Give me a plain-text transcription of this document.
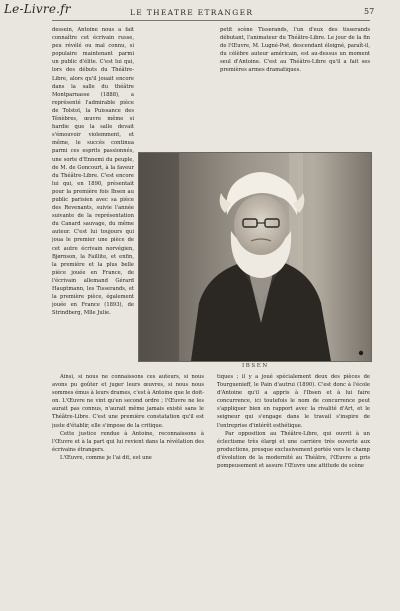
Le-Livre.fr	LE THEATRE ETRANGER	57

dessein, Antoine nous a fait connaître cet écrivain russe, peu révélé ou mal connu, si populaire maintenant parmi un public d'élite. C'est lui qui, lors des débuts du Théâtre-Libre, alors qu'il jouait encore dans la salle du théâtre Montparnasse (1888), a représenté l'admirable pièce de Tolstoï, la Puissance des Ténèbres, œuvre même si hardie que la salle devait s'émouvoir violemment, et même, le succès continua parmi ces esprits passionnés, une sorte d'Ennemi du peuple, de M. de Goncourt, à la faveur du Théâtre-Libre. C'est encore lui qui, en 1890, présentait pour la première fois Ibsen au public parisien avec sa pièce des Revenants, suivie l'année suivante de la représentation du Canard sauvage, du même auteur. C'est lui toujours qui joua le premier une pièce de cet autre écrivain norvégien, Bjørnson, la Faillite, et enfin, la première et la plus belle pièce jouée en France, de l'écrivain allemand Gérard Hauptmann, les Tisserands, et la première pièce, également jouée en France (1893), de Strindberg, Mlle Julie.

petit scène Tisserands, l'un d'eux des tisserands débutant, l'animateur du Théâtre-Libre. Le jour de la fin de l'Œuvre, M. Lugné-Poë, descendant éloigné, paraît-il, du célèbre auteur américain, est au-dessus un moment seul d'Antoine. C'est au Théâtre-Libre qu'il a fait ses premières armes dramatiques.

IBSEN

Ainsi, si nous ne connaissons ces auteurs, si nous avons pu goûter et juger leurs œuvres, si nous nous sommes émus à leurs drames, c'est à Antoine que le doit-on. L'Œuvre ne vint qu'en second ordre ; l'Œuvre ne les aurait pas connus, n'aurait même jamais existé sans le Théâtre-Libre. C'est une première constatation qu'il est juste d'établir, elle s'impose de la critique.

Cette justice rendue à Antoine, reconnaissons à l'Œuvre et à la part qui lui revient dans la révélation des écrivains étrangers.

L'Œuvre, comme je l'ai dit, est une

tiques ; il y a joué spécialement deux des pièces de Tourguenieff, le Pain d'autrui (1890). C'est donc à l'école d'Antoine qu'il a appris à l'Ibsen et à lui faire concurrence, ici toutefois le nom de concurrence peut s'appliquer bien en rapport avec la rivalité d'Art, et le seigneur qui s'engage dans le travail s'inspire de l'entreprise d'intérêt esthétique.

Par opposition au Théâtre-Libre, qui ouvrit à un éclectisme très élargi et une carrière très ouverte aux productions, presque exclusivement portée vers le champ d'évolution de la modernité au Théâtre, l'Œuvre a pris pompeusement et assure l'Œuvre une attitude de scène
